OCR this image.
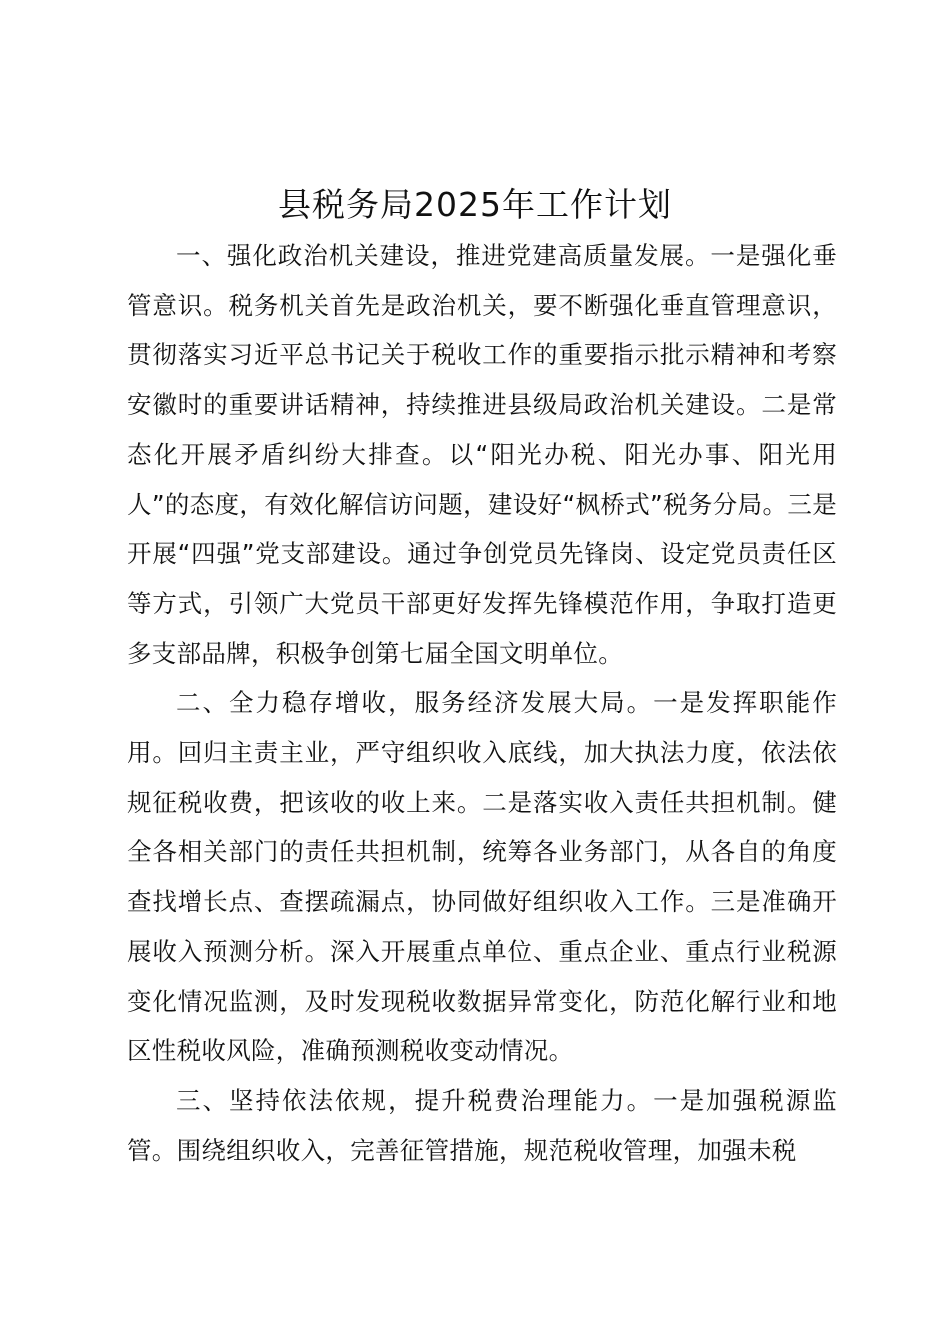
县税务局2025年工作计划

一、强化政治机关建设，推进党建高质量发展。一是强化垂管意识。税务机关首先是政治机关，要不断强化垂直管理意识，贯彻落实习近平总书记关于税收工作的重要指示批示精神和考察安徽时的重要讲话精神，持续推进县级局政治机关建设。二是常态化开展矛盾纠纷大排查。以“阳光办税、阳光办事、阳光用人”的态度，有效化解信访问题，建设好“枫桥式”税务分局。三是开展“四强”党支部建设。通过争创党员先锋岗、设定党员责任区等方式，引领广大党员干部更好发挥先锋模范作用，争取打造更多支部品牌，积极争创第七届全国文明单位。

二、全力稳存增收，服务经济发展大局。一是发挥职能作用。回归主责主业，严守组织收入底线，加大执法力度，依法依规征税收费，把该收的收上来。二是落实收入责任共担机制。健全各相关部门的责任共担机制，统筹各业务部门，从各自的角度查找增长点、查摆疏漏点，协同做好组织收入工作。三是准确开展收入预测分析。深入开展重点单位、重点企业、重点行业税源变化情况监测，及时发现税收数据异常变化，防范化解行业和地区性税收风险，准确预测税收变动情况。

三、坚持依法依规，提升税费治理能力。一是加强税源监管。围绕组织收入，完善征管措施，规范税收管理，加强未税
